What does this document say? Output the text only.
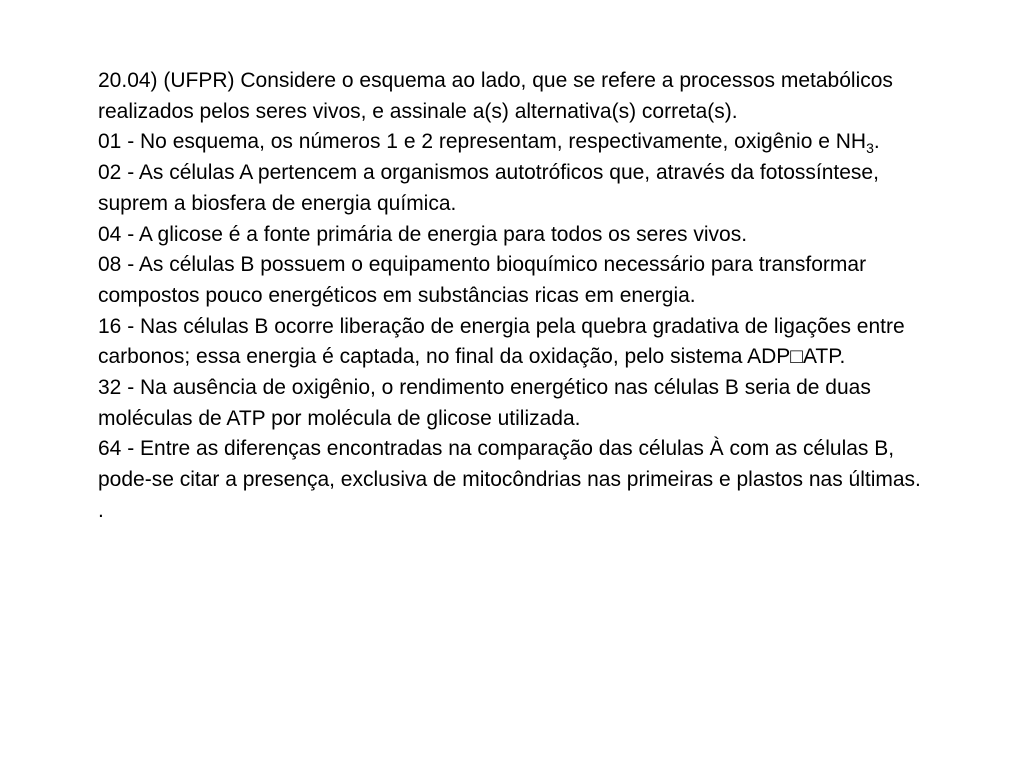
20.04) (UFPR) Considere o esquema ao lado, que se refere a processos metabólicos realizados pelos seres vivos, e assinale a(s) alternativa(s) correta(s).

01 - No esquema, os números 1 e 2 representam, respectivamente, oxigênio e $NH_3$.

02 - As células A pertencem a organismos autotróficos que, através da fotossíntese, suprem a biosfera de energia química.

04 - A glicose é a fonte primária de energia para todos os seres vivos.

08 - As células B possuem o equipamento bioquímico necessário para transformar compostos pouco energéticos em substâncias ricas em energia.

16 - Nas células B ocorre liberação de energia pela quebra gradativa de ligações entre carbonos; essa energia é captada, no final da oxidação, pelo sistema ADP□ATP.

32 - Na ausência de oxigênio, o rendimento energético nas células B seria de duas moléculas de ATP por molécula de glicose utilizada.

64 - Entre as diferenças encontradas na comparação das células À com as células B, pode-se citar a presença, exclusiva de mitocôndrias nas primeiras e plastos nas últimas.

.
